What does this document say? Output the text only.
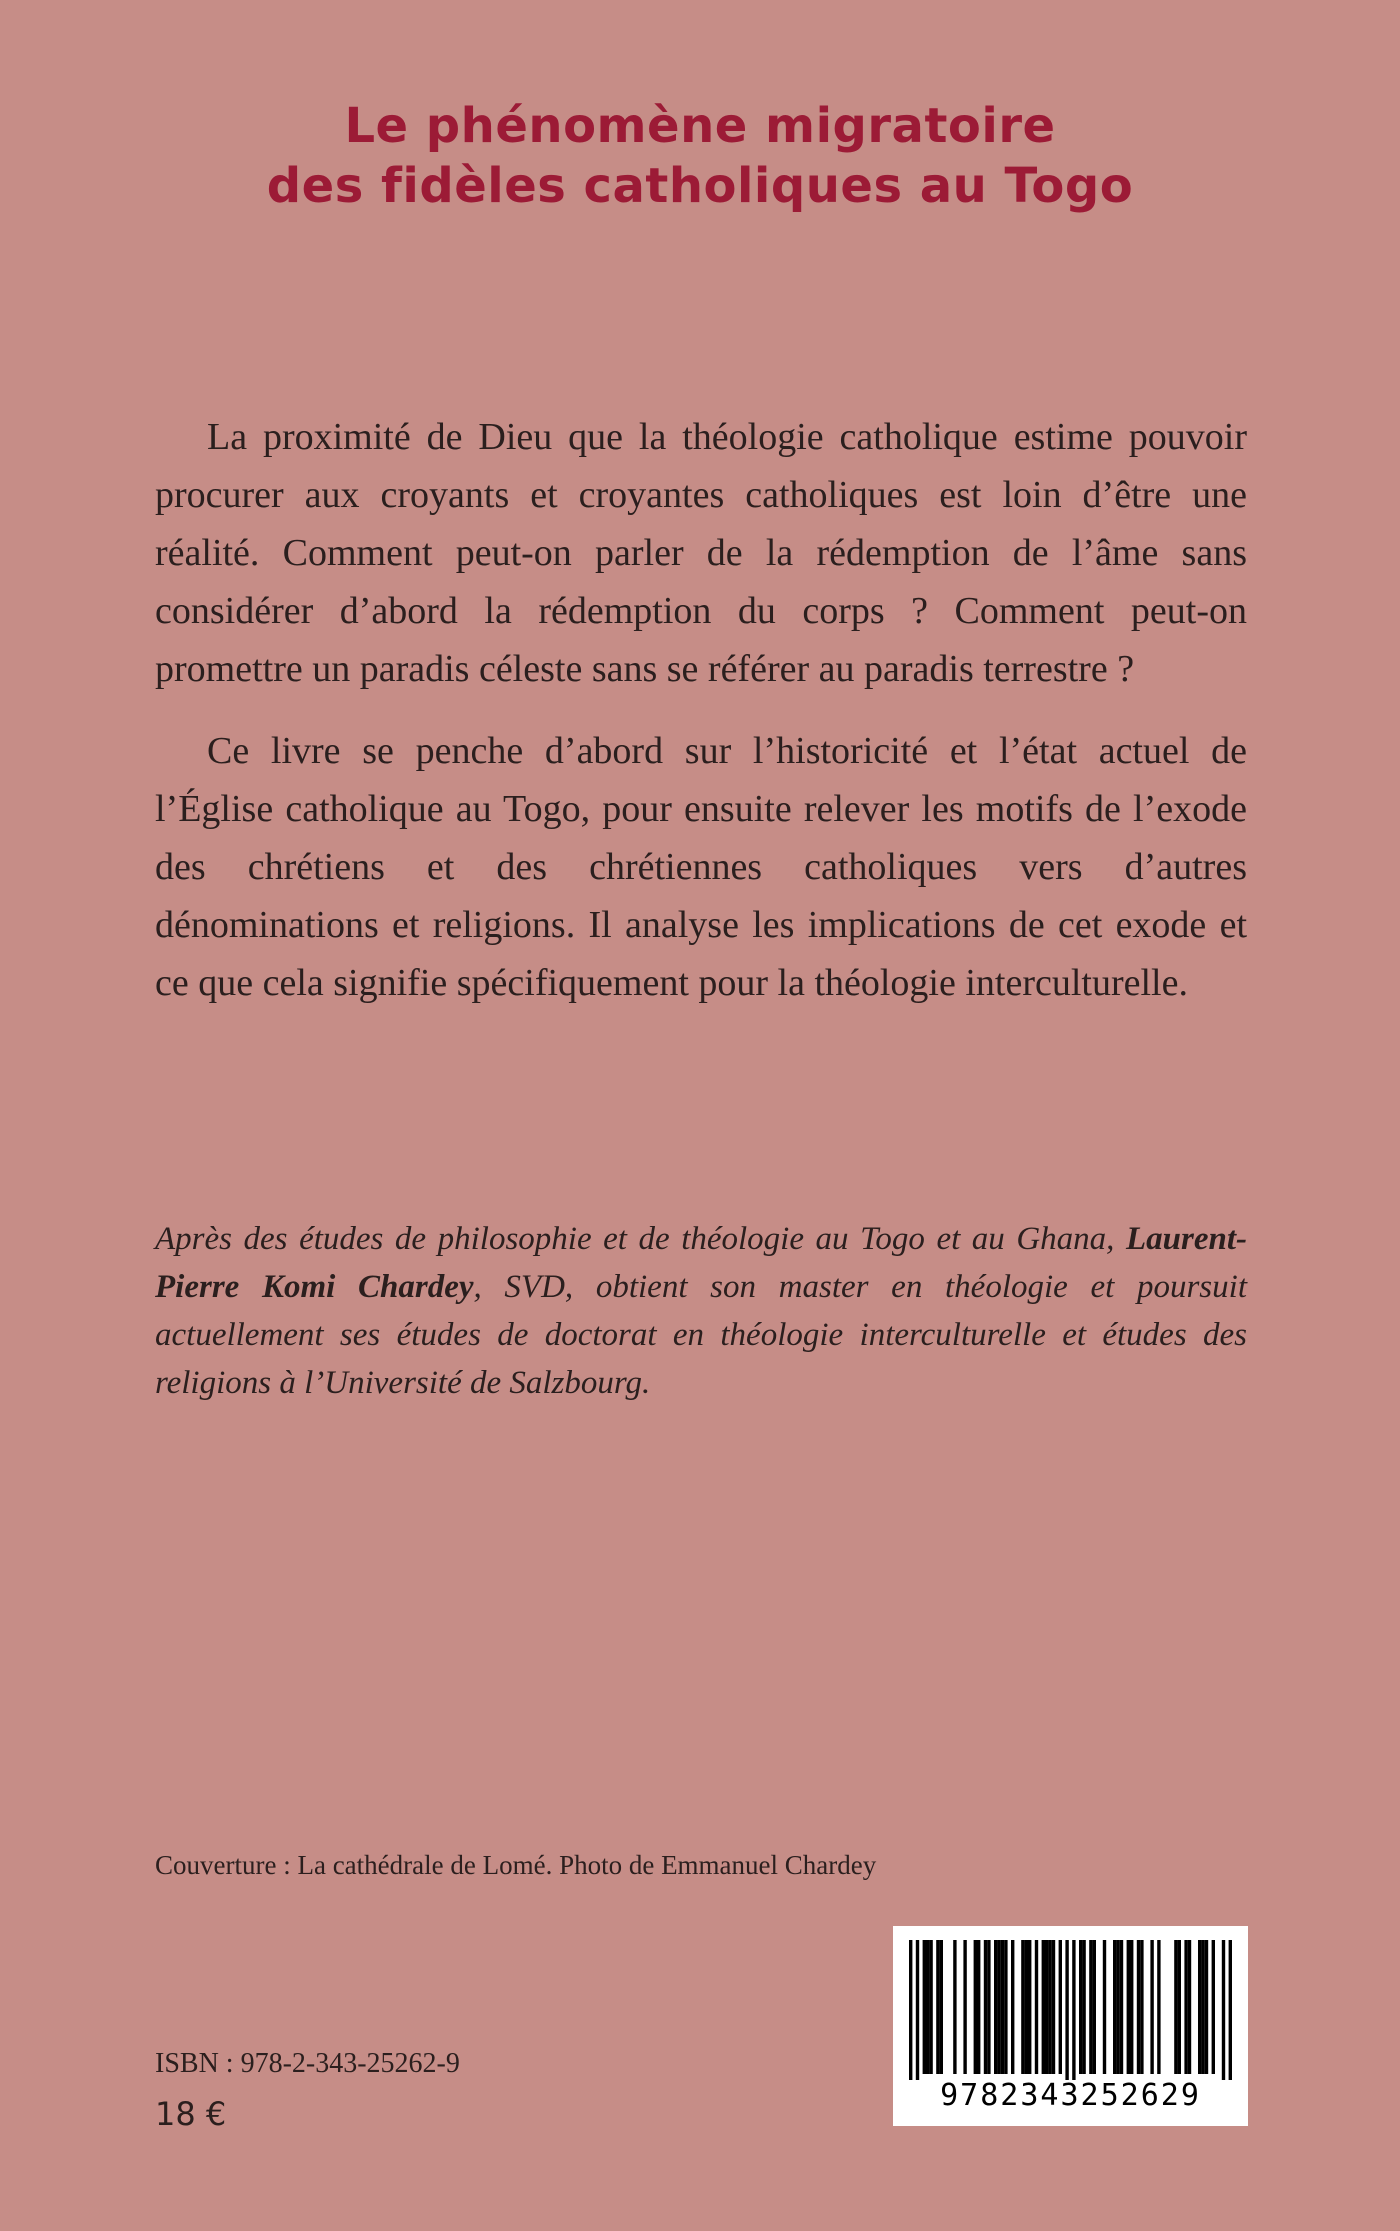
Le phénomène migratoire
des fidèles catholiques au Togo

La proximité de Dieu que la théologie catholique estime pouvoir procurer aux croyants et croyantes catholiques est loin d’être une réalité. Comment peut-on parler de la rédemption de l’âme sans considérer d’abord la rédemption du corps ? Comment peut-on promettre un paradis céleste sans se référer au paradis terrestre ?

Ce livre se penche d’abord sur l’historicité et l’état actuel de l’Église catholique au Togo, pour ensuite relever les motifs de l’exode des chrétiens et des chrétiennes catholiques vers d’autres dénominations et religions. Il analyse les implications de cet exode et ce que cela signifie spécifiquement pour la théologie interculturelle.

Après des études de philosophie et de théologie au Togo et au Ghana, Laurent-Pierre Komi Chardey, SVD, obtient son master en théologie et poursuit actuellement ses études de doctorat en théologie interculturelle et études des religions à l’Université de Salzbourg.
Couverture : La cathédrale de Lomé. Photo de Emmanuel Chardey
ISBN : 978-2-343-25262-9
18 €	9782343252629
